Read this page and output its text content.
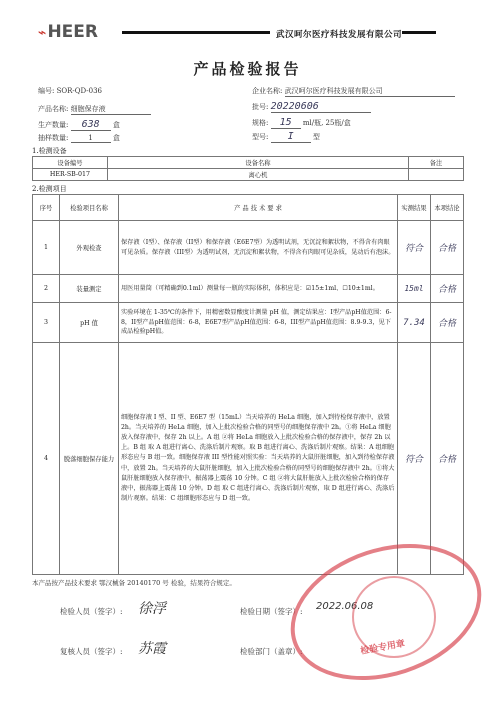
⌁HEER	武汉呵尔医疗科技发展有限公司
产品检验报告
编号: SOR-QD-036	企业名称: 武汉呵尔医疗科技发展有限公司
产品名称: 细胞保存液	批号: 20220606
生产数量: 638 盒	规格: 15 ml/瓶, 25瓶/盒
抽样数量:	1	盒	型号: I	型
1.检测设备
设备编号	设备名称	备注
HER-SB-017	离心机	
2.检测项目
序号	检验项目名称	产 品 技 术 要 求	实测结果	本项结论
1	外观检查	保存液（I型）、保存液（II型）和保存液（E6E7型）为透明试剂，无沉淀和絮状物，不得含有肉眼可见杂质。保存液（III型）为透明试剂，无沉淀和絮状物，不得含有肉眼可见杂质，晃动后有泡沫。	符合	合格
2	装量测定	用医用量筒（可精确到0.1ml）测量每一瓶的实际体积，体积应是：☑15±1ml、☐10±1ml。	15ml	合格
3	pH 值	实验环境在 1-35℃的条件下，用精密数显酸度计测量 pH 值，测定结果应：I型产品pH值范围：6-8，II型产品pH值范围：6-8，E6E7型产品pH值范围：6-8，III型产品pH值范围：8.9-9.3，见下成品检验pH值。	7.34	合格
4	脱落细胞保存能力	细胞保存液 I 型、II 型、E6E7 型（15mL）当天培养的 HeLa 细胞，加入到待检保存液中，放置 2h。当天培养的 HeLa 细胞，加入上批次检验合格的同型号的细胞保存液中 2h。①将 HeLa 细胞放入保存液中，保存 2h 以上。A 组 ②将 HeLa 细胞放入上批次检验合格的保存液中，保存 2h 以上。B 组 取 A 组进行离心、洗涤后制片观察。取 B 组进行离心、洗涤后制片观察。结果：A 组细胞形态应与 B 组一致。细胞保存液 III 型性能对照实验：当天培养的大鼠肝脏细胞，加入到待检保存液中，放置 2h。当天培养的大鼠肝脏细胞，加入上批次检验合格的同型号的细胞保存液中 2h。①将大鼠肝脏细胞放入保存液中，振荡器上震荡 10 分钟。C 组 ②将大鼠肝脏放入上批次检验合格的保存液中，振荡器上震荡 10 分钟。D 组 取 C 组进行离心、洗涤后制片观察，取 D 组进行离心、洗涤后制片观察。结果：C 组细胞形态应与 D 组一致。	符合	合格
本产品按产品技术要求 鄂汉械备 20140170 号 检验，结果符合规定。
检验人员（签字）: 徐浮	检验日期（签字）: 2022.06.08
复核人员（签字）: 苏霞	检验部门（盖章）:	检验专用章
